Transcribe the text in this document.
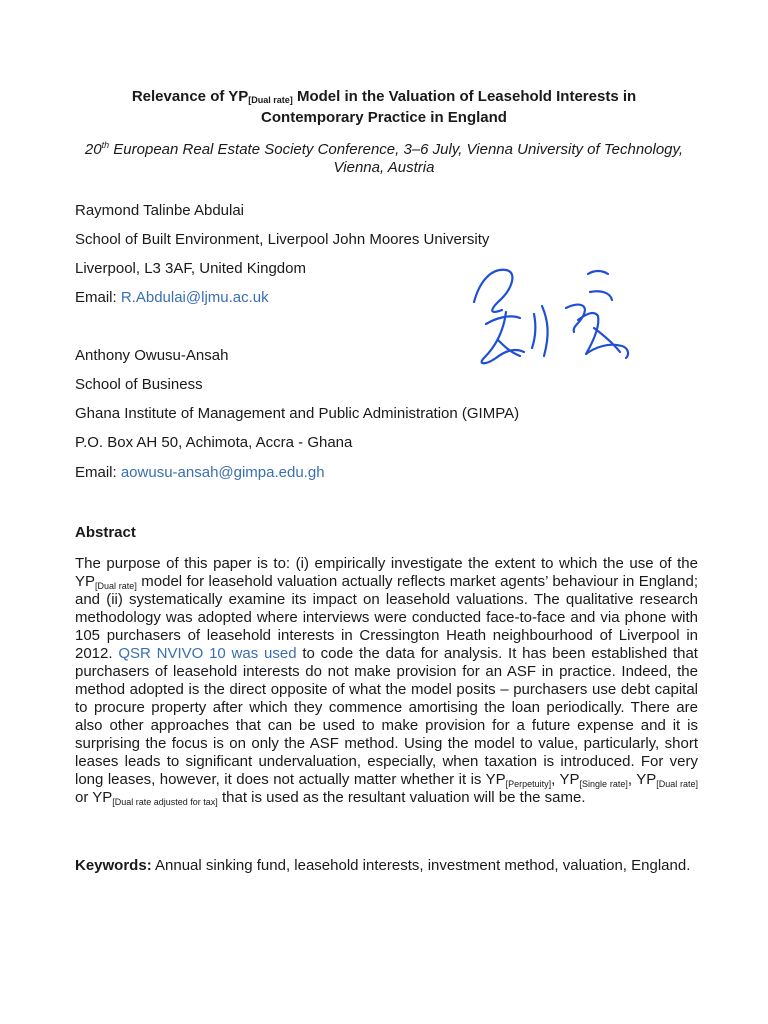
Relevance of $YP_{[Dual rate]}$ Model in the Valuation of Leasehold Interests in
Contemporary Practice in England
20th European Real Estate Society Conference, 3–6 July, Vienna University of Technology,
Vienna, Austria
Raymond Talinbe Abdulai
School of Built Environment, Liverpool John Moores University
Liverpool, L3 3AF, United Kingdom
Email: R.Abdulai@ljmu.ac.uk
Anthony Owusu-Ansah
School of Business
Ghana Institute of Management and Public Administration (GIMPA)
P.O. Box AH 50, Achimota, Accra - Ghana
Email: aowusu-ansah@gimpa.edu.gh
Abstract
The purpose of this paper is to: (i) empirically investigate the extent to which the use of the $YP_{[Dual rate]}$ model for leasehold valuation actually reflects market agents’ behaviour in England; and (ii) systematically examine its impact on leasehold valuations. The qualitative research methodology was adopted where interviews were conducted face-to-face and via phone with 105 purchasers of leasehold interests in Cressington Heath neighbourhood of Liverpool in 2012. QSR NVIVO 10 was used to code the data for analysis. It has been established that purchasers of leasehold interests do not make provision for an ASF in practice. Indeed, the method adopted is the direct opposite of what the model posits – purchasers use debt capital to procure property after which they commence amortising the loan periodically. There are also other approaches that can be used to make provision for a future expense and it is surprising the focus is on only the ASF method. Using the model to value, particularly, short leases leads to significant undervaluation, especially, when taxation is introduced. For very long leases, however, it does not actually matter whether it is $YP_{[Perpetuity]}$, $YP_{[Single rate]}$, $YP_{[Dual rate]}$ or $YP_{[Dual rate adjusted for tax]}$ that is used as the resultant valuation will be the same.
Keywords: Annual sinking fund, leasehold interests, investment method, valuation, England.
